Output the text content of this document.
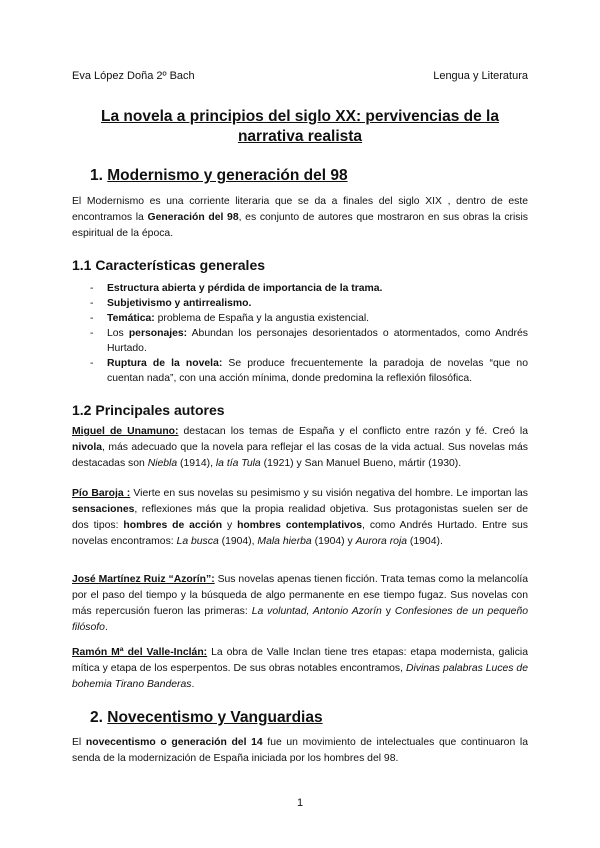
Eva López Doña 2º Bach	Lengua y Literatura
La novela a principios del siglo XX: pervivencias de la narrativa realista
1. Modernismo y generación del 98
El Modernismo es una corriente literaria que se da a finales del siglo XIX , dentro de este encontramos la Generación del 98, es conjunto de autores que mostraron en sus obras la crisis espiritual de la época.
1.1 Características generales
- Estructura abierta y pérdida de importancia de la trama.
- Subjetivismo y antirrealismo.
- Temática: problema de España y la angustia existencial.
- Los personajes: Abundan los personajes desorientados o atormentados, como Andrés Hurtado.
- Ruptura de la novela: Se produce frecuentemente la paradoja de novelas “que no cuentan nada”, con una acción mínima, donde predomina la reflexión filosófica.
1.2 Principales autores
Miguel de Unamuno: destacan los temas de España y el conflicto entre razón y fé. Creó la nivola, más adecuado que la novela para reflejar el las cosas de la vida actual. Sus novelas más destacadas son Niebla (1914), la tía Tula (1921) y San Manuel Bueno, mártir (1930).
Pío Baroja : Vierte en sus novelas su pesimismo y su visión negativa del hombre. Le importan las sensaciones, reflexiones más que la propia realidad objetiva. Sus protagonistas suelen ser de dos tipos: hombres de acción y hombres contemplativos, como Andrés Hurtado. Entre sus novelas encontramos: La busca (1904), Mala hierba (1904) y Aurora roja (1904).
José Martínez Ruiz “Azorín”: Sus novelas apenas tienen ficción. Trata temas como la melancolía por el paso del tiempo y la búsqueda de algo permanente en ese tiempo fugaz. Sus novelas con más repercusión fueron las primeras: La voluntad, Antonio Azorín y Confesiones de un pequeño filósofo.
Ramón Mª del Valle-Inclán: La obra de Valle Inclan tiene tres etapas: etapa modernista, galicia mítica y etapa de los esperpentos. De sus obras notables encontramos, Divinas palabras Luces de bohemia Tirano Banderas.
2. Novecentismo y Vanguardias
El novecentismo o generación del 14 fue un movimiento de intelectuales que continuaron la senda de la modernización de España iniciada por los hombres del 98.
1
